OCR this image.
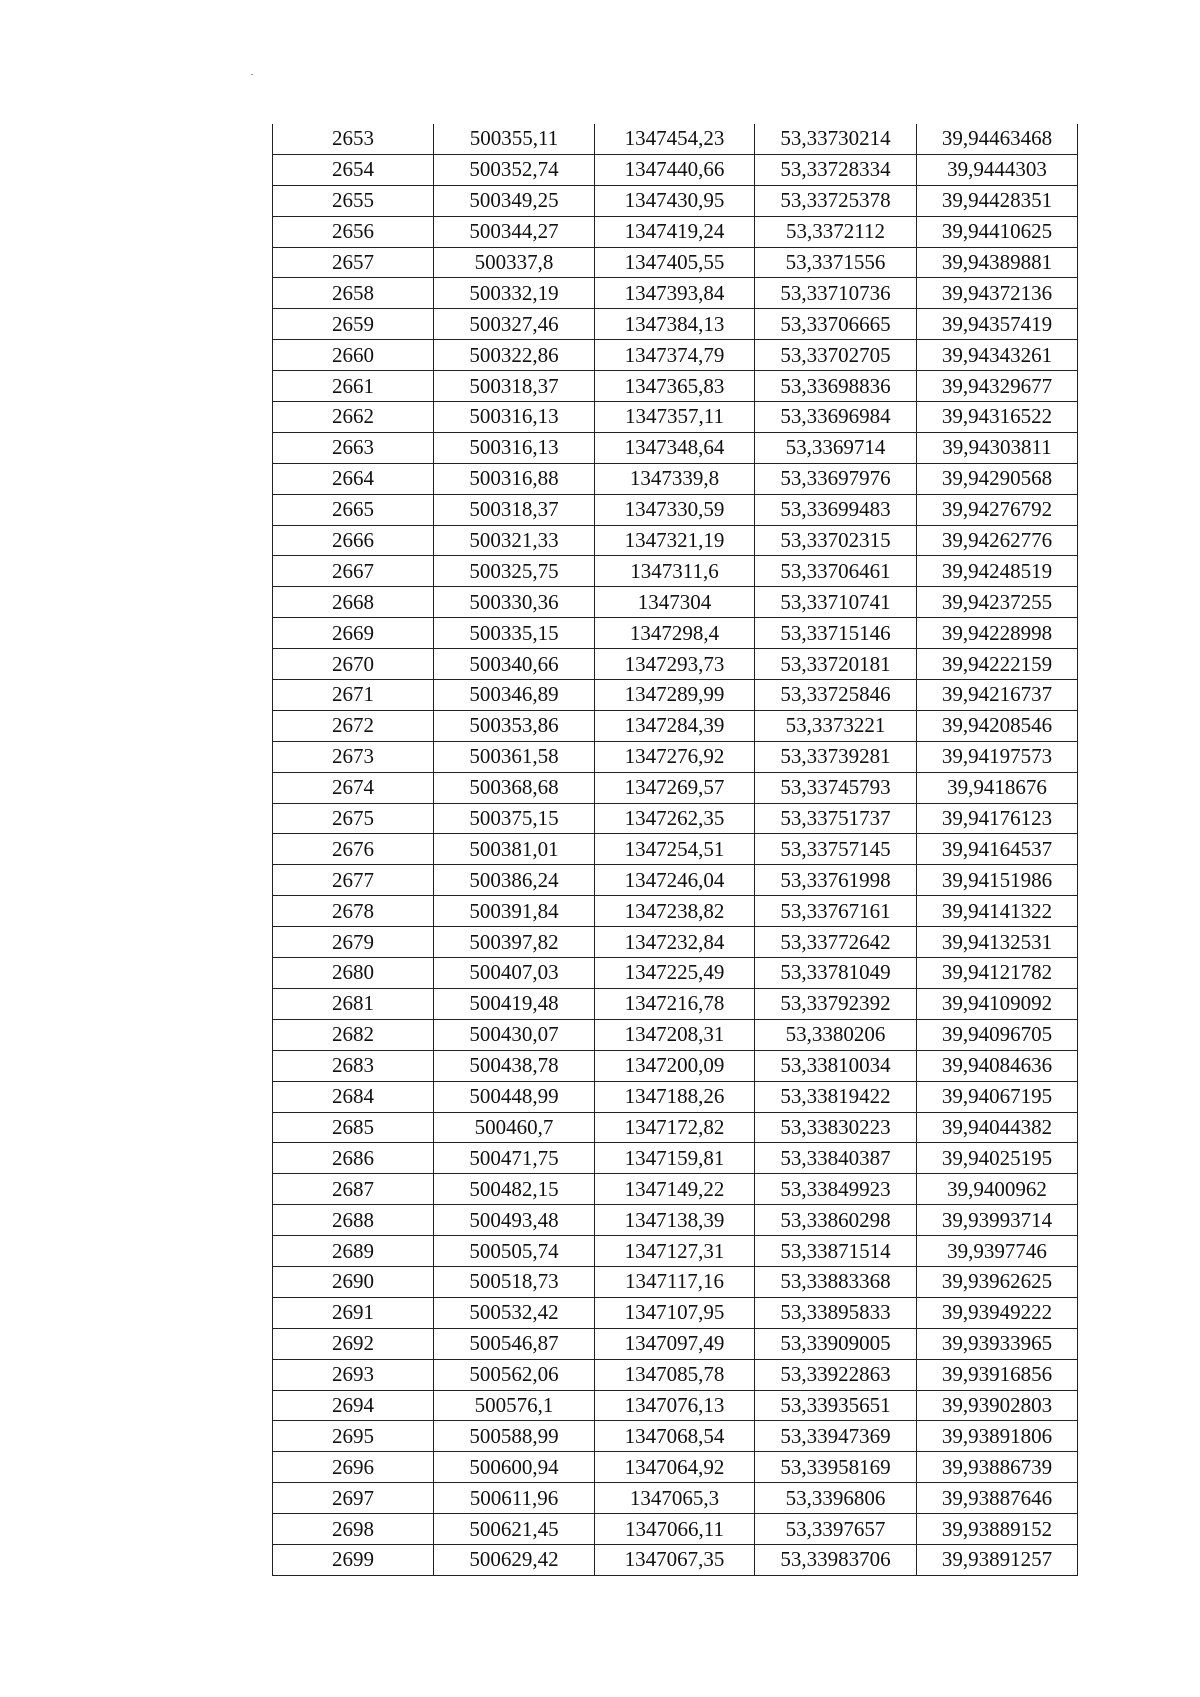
2653	500355,11	1347454,23	53,33730214	39,94463468
2654	500352,74	1347440,66	53,33728334	39,9444303
2655	500349,25	1347430,95	53,33725378	39,94428351
2656	500344,27	1347419,24	53,3372112	39,94410625
2657	500337,8	1347405,55	53,3371556	39,94389881
2658	500332,19	1347393,84	53,33710736	39,94372136
2659	500327,46	1347384,13	53,33706665	39,94357419
2660	500322,86	1347374,79	53,33702705	39,94343261
2661	500318,37	1347365,83	53,33698836	39,94329677
2662	500316,13	1347357,11	53,33696984	39,94316522
2663	500316,13	1347348,64	53,3369714	39,94303811
2664	500316,88	1347339,8	53,33697976	39,94290568
2665	500318,37	1347330,59	53,33699483	39,94276792
2666	500321,33	1347321,19	53,33702315	39,94262776
2667	500325,75	1347311,6	53,33706461	39,94248519
2668	500330,36	1347304	53,33710741	39,94237255
2669	500335,15	1347298,4	53,33715146	39,94228998
2670	500340,66	1347293,73	53,33720181	39,94222159
2671	500346,89	1347289,99	53,33725846	39,94216737
2672	500353,86	1347284,39	53,3373221	39,94208546
2673	500361,58	1347276,92	53,33739281	39,94197573
2674	500368,68	1347269,57	53,33745793	39,9418676
2675	500375,15	1347262,35	53,33751737	39,94176123
2676	500381,01	1347254,51	53,33757145	39,94164537
2677	500386,24	1347246,04	53,33761998	39,94151986
2678	500391,84	1347238,82	53,33767161	39,94141322
2679	500397,82	1347232,84	53,33772642	39,94132531
2680	500407,03	1347225,49	53,33781049	39,94121782
2681	500419,48	1347216,78	53,33792392	39,94109092
2682	500430,07	1347208,31	53,3380206	39,94096705
2683	500438,78	1347200,09	53,33810034	39,94084636
2684	500448,99	1347188,26	53,33819422	39,94067195
2685	500460,7	1347172,82	53,33830223	39,94044382
2686	500471,75	1347159,81	53,33840387	39,94025195
2687	500482,15	1347149,22	53,33849923	39,9400962
2688	500493,48	1347138,39	53,33860298	39,93993714
2689	500505,74	1347127,31	53,33871514	39,9397746
2690	500518,73	1347117,16	53,33883368	39,93962625
2691	500532,42	1347107,95	53,33895833	39,93949222
2692	500546,87	1347097,49	53,33909005	39,93933965
2693	500562,06	1347085,78	53,33922863	39,93916856
2694	500576,1	1347076,13	53,33935651	39,93902803
2695	500588,99	1347068,54	53,33947369	39,93891806
2696	500600,94	1347064,92	53,33958169	39,93886739
2697	500611,96	1347065,3	53,3396806	39,93887646
2698	500621,45	1347066,11	53,3397657	39,93889152
2699	500629,42	1347067,35	53,33983706	39,93891257
